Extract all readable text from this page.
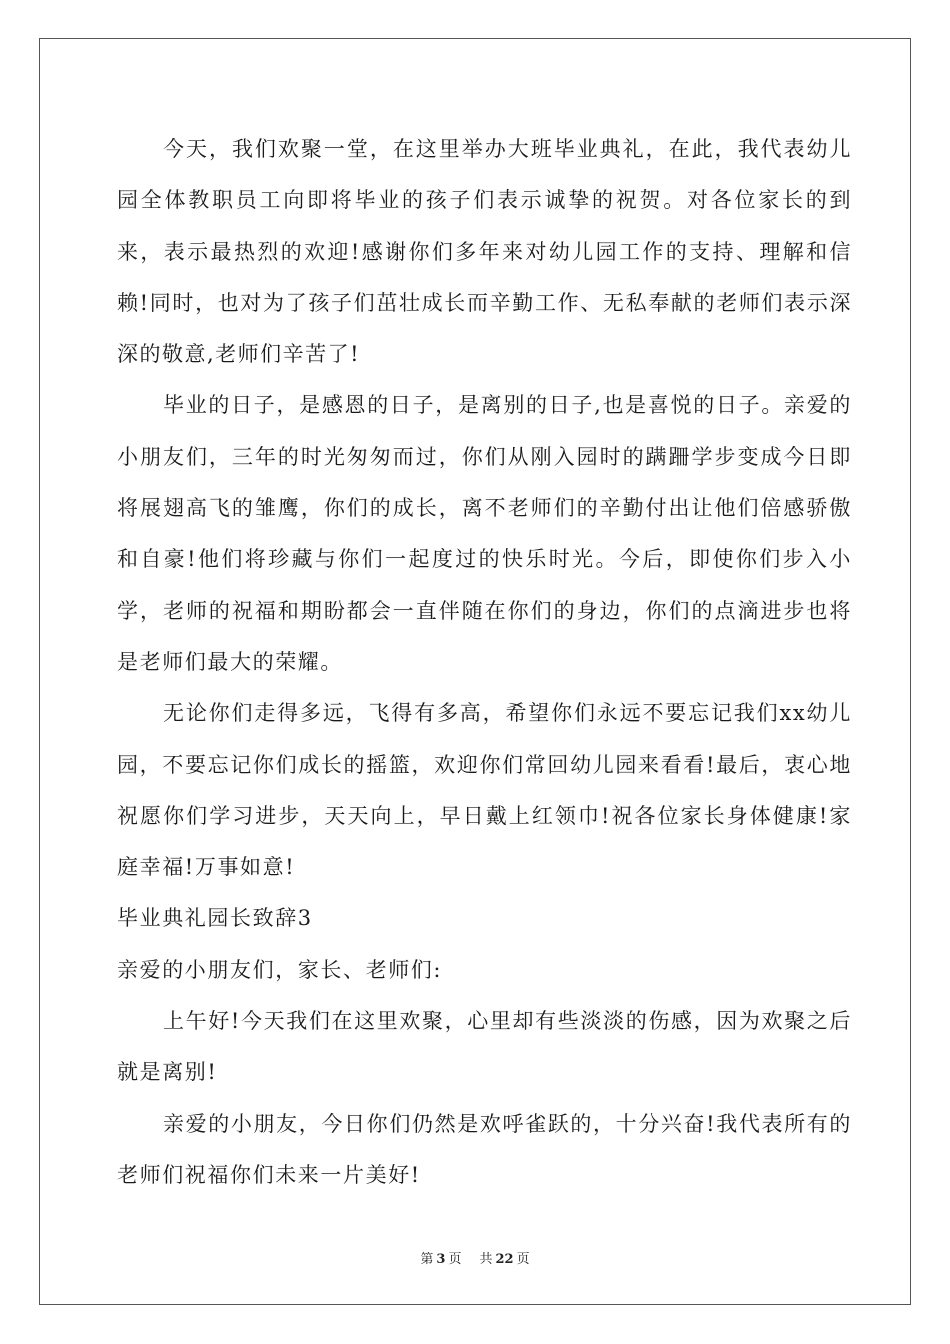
今天，我们欢聚一堂，在这里举办大班毕业典礼，在此，我代表幼儿园全体教职员工向即将毕业的孩子们表示诚挚的祝贺。对各位家长的到来，表示最热烈的欢迎!感谢你们多年来对幼儿园工作的支持、理解和信赖!同时，也对为了孩子们茁壮成长而辛勤工作、无私奉献的老师们表示深深的敬意,老师们辛苦了!

毕业的日子，是感恩的日子，是离别的日子,也是喜悦的日子。亲爱的小朋友们，三年的时光匆匆而过，你们从刚入园时的蹒跚学步变成今日即将展翅高飞的雏鹰，你们的成长，离不老师们的辛勤付出让他们倍感骄傲和自豪!他们将珍藏与你们一起度过的快乐时光。今后，即使你们步入小学，老师的祝福和期盼都会一直伴随在你们的身边，你们的点滴进步也将是老师们最大的荣耀。

无论你们走得多远，飞得有多高，希望你们永远不要忘记我们xx幼儿园，不要忘记你们成长的摇篮，欢迎你们常回幼儿园来看看!最后，衷心地祝愿你们学习进步，天天向上，早日戴上红领巾!祝各位家长身体健康!家庭幸福!万事如意!

毕业典礼园长致辞3

亲爱的小朋友们，家长、老师们:

上午好!今天我们在这里欢聚，心里却有些淡淡的伤感，因为欢聚之后就是离别!

亲爱的小朋友，今日你们仍然是欢呼雀跃的，十分兴奋!我代表所有的老师们祝福你们未来一片美好!

第 3 页 共 22 页
